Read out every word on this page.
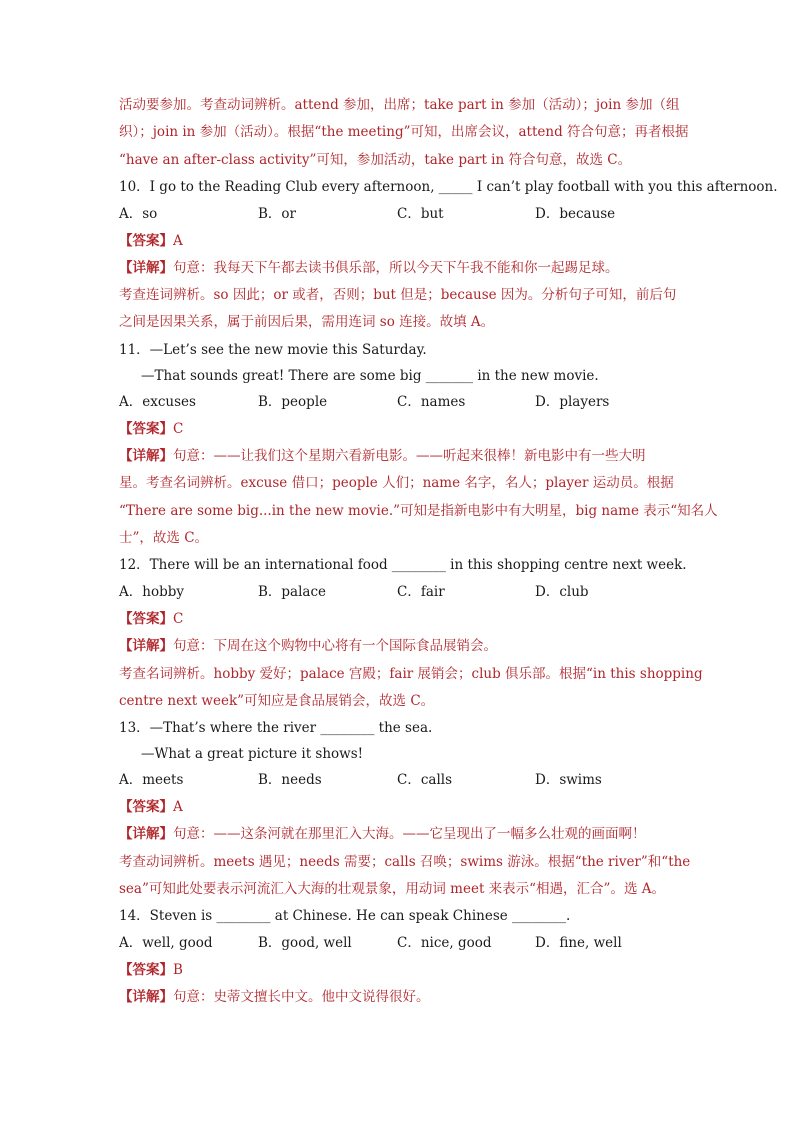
活动要参加。考查动词辨析。attend 参加，出席；take part in 参加（活动）；join 参加（组
织）；join in 参加（活动）。根据“the meeting”可知，出席会议，attend 符合句意；再者根据
“have an after-class activity”可知，参加活动，take part in 符合句意，故选 C。
10．I go to the Reading Club every afternoon, _____ I can’t play football with you this afternoon.
A．so	B．or	C．but	D．because
【答案】A
【详解】句意：我每天下午都去读书俱乐部，所以今天下午我不能和你一起踢足球。
考查连词辨析。so 因此；or 或者，否则；but 但是；because 因为。分析句子可知，前后句
之间是因果关系，属于前因后果，需用连词 so 连接。故填 A。
11．—Let’s see the new movie this Saturday.
—That sounds great! There are some big _______ in the new movie.
A．excuses	B．people	C．names	D．players
【答案】C
【详解】句意：——让我们这个星期六看新电影。——听起来很棒！新电影中有一些大明
星。考查名词辨析。excuse 借口；people 人们；name 名字，名人；player 运动员。根据
“There are some big...in the new movie.”可知是指新电影中有大明星，big name 表示“知名人
士”，故选 C。
12．There will be an international food ________ in this shopping centre next week.
A．hobby	B．palace	C．fair	D．club
【答案】C
【详解】句意：下周在这个购物中心将有一个国际食品展销会。
考查名词辨析。hobby 爱好；palace 宫殿；fair 展销会；club 俱乐部。根据“in this shopping
centre next week”可知应是食品展销会，故选 C。
13．—That’s where the river ________ the sea.
—What a great picture it shows!
A．meets	B．needs	C．calls	D．swims
【答案】A
【详解】句意：——这条河就在那里汇入大海。——它呈现出了一幅多么壮观的画面啊！
考查动词辨析。meets 遇见；needs 需要；calls 召唤；swims 游泳。根据“the river”和“the
sea”可知此处要表示河流汇入大海的壮观景象，用动词 meet 来表示“相遇，汇合”。选 A。
14．Steven is ________ at Chinese. He can speak Chinese ________.
A．well, good	B．good, well	C．nice, good	D．fine, well
【答案】B
【详解】句意：史蒂文擅长中文。他中文说得很好。
